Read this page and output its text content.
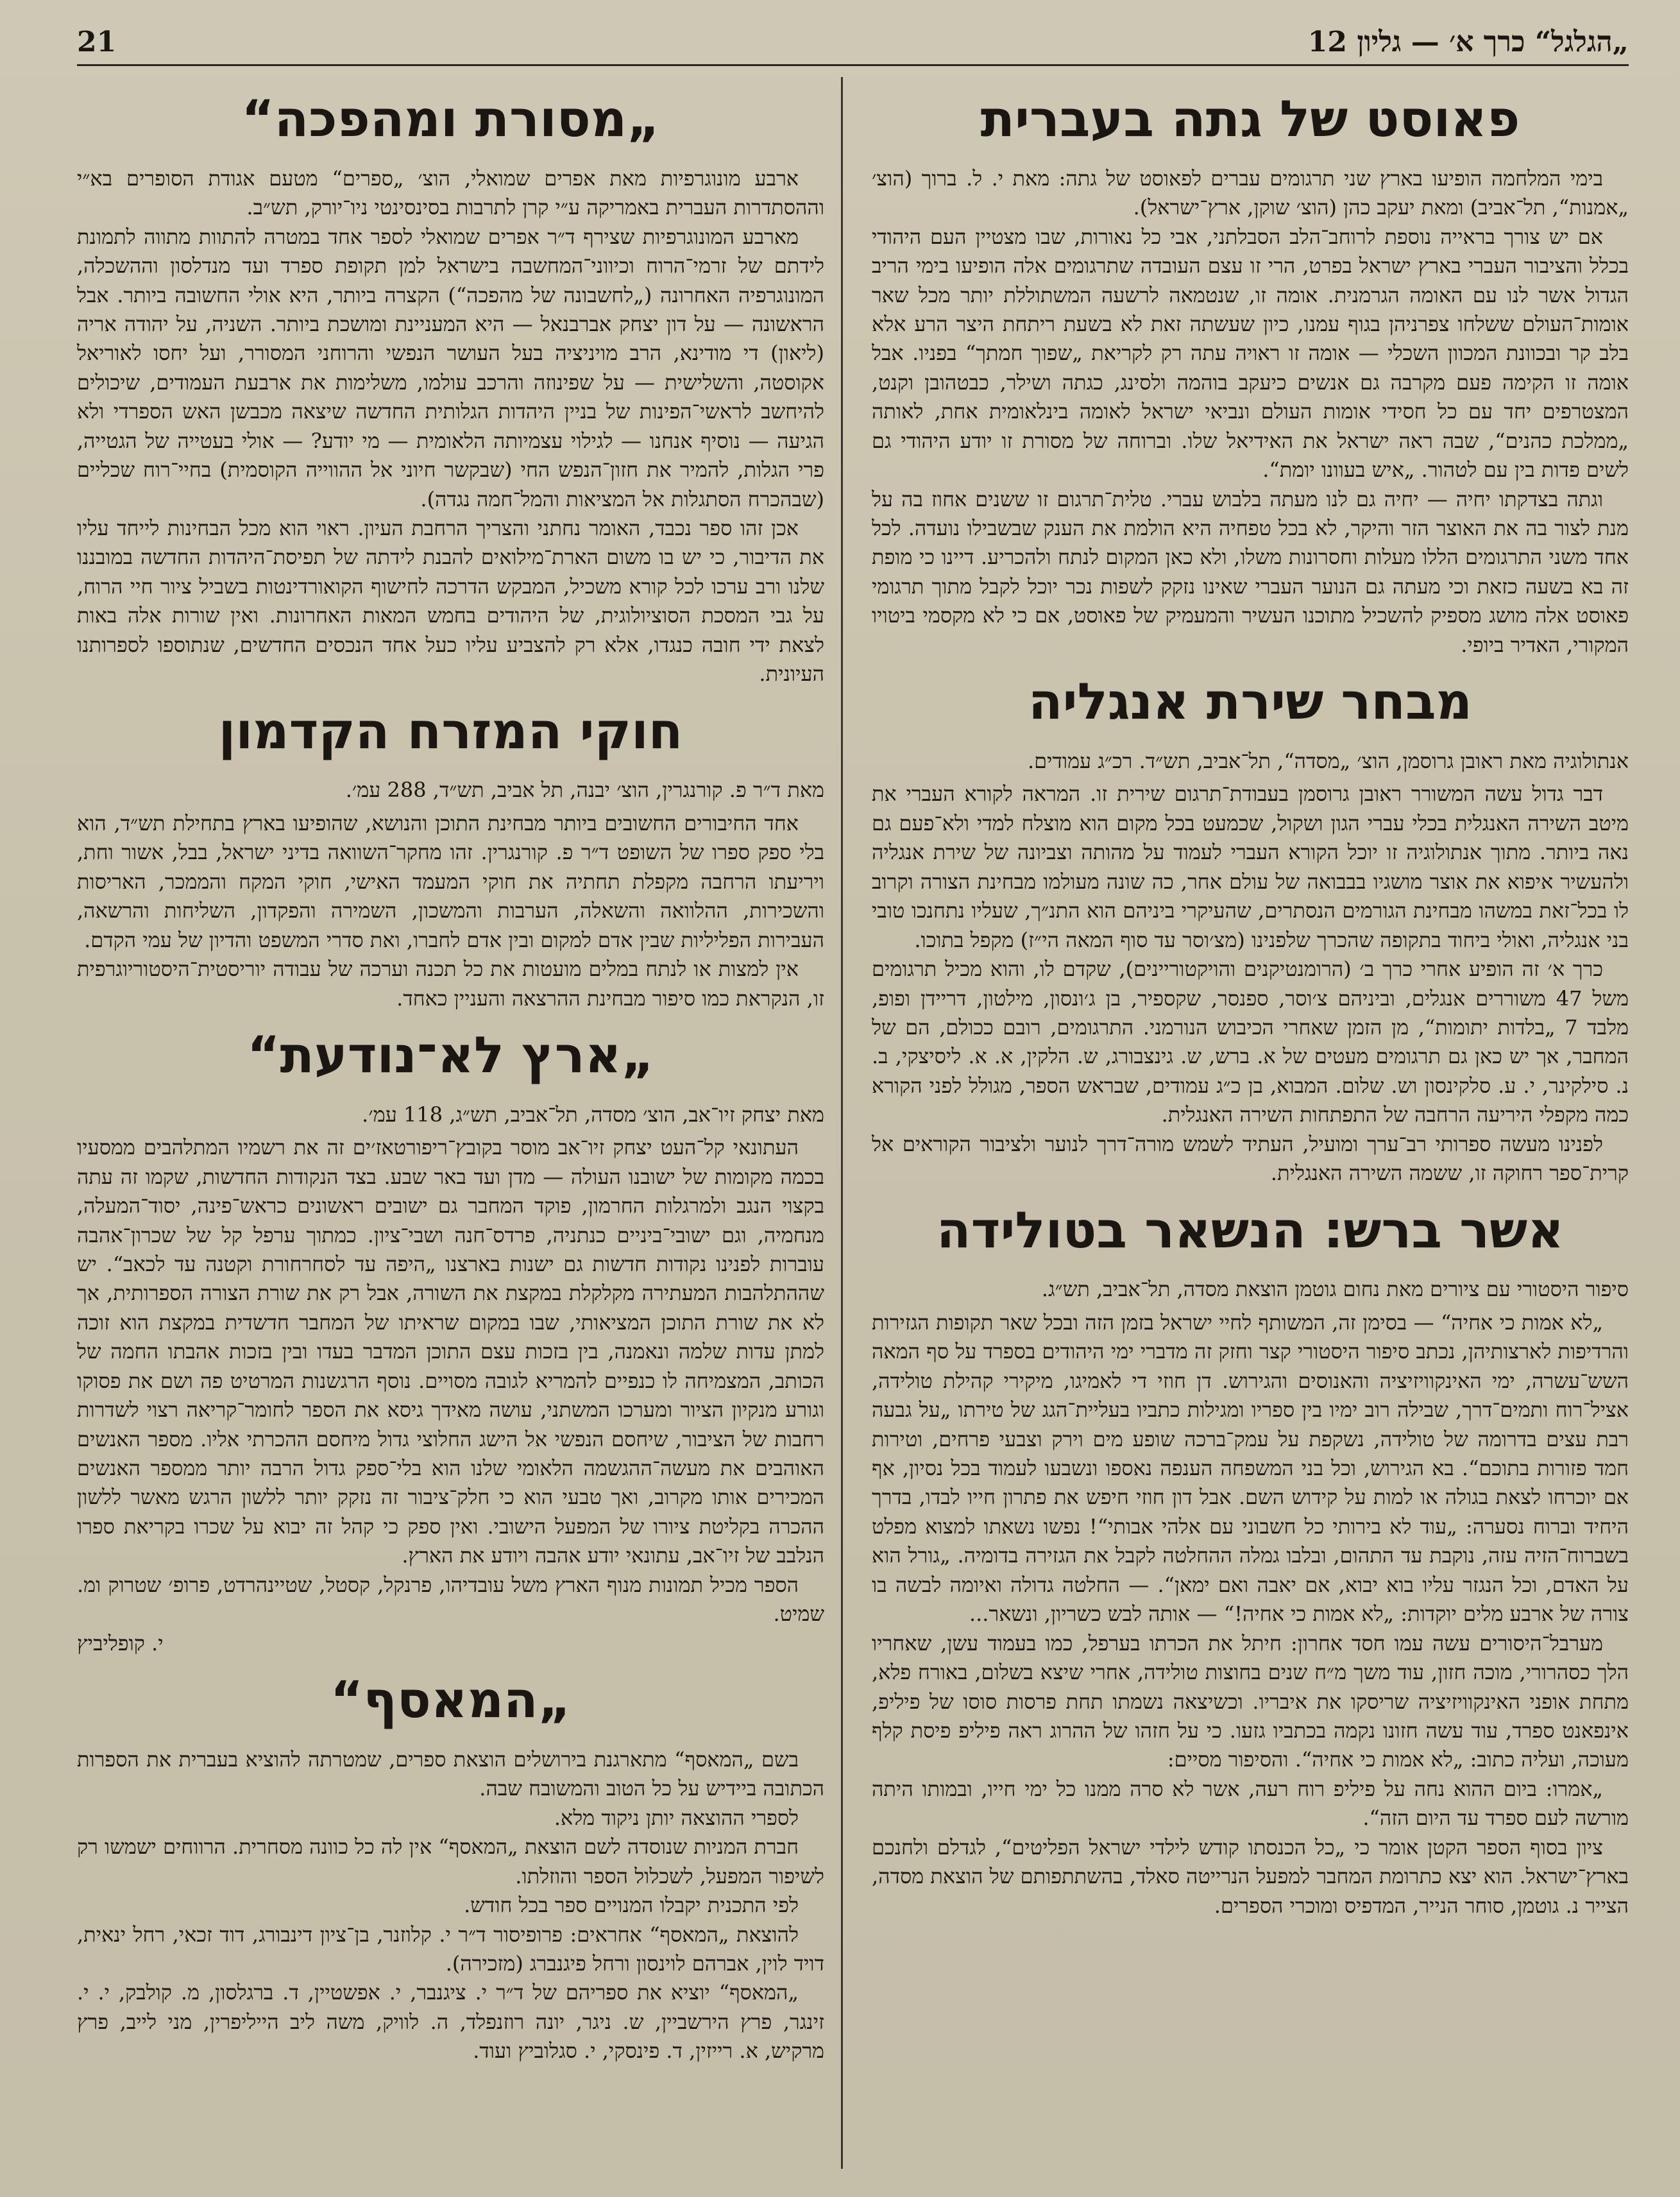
21	„הגלגל“ כרך א׳ — גליון 12
פאוסט של גתה בעברית

בימי המלחמה הופיעו בארץ שני תרגומים עברים לפאוסט של גתה: מאת י. ל. ברוך (הוצ׳ „אמנות“, תל־אביב) ומאת יעקב כהן (הוצ׳ שוקן, ארץ־ישראל).

אם יש צורך בראייה נוספת לרוחב־הלב הסבלתני, אבי כל נאורות, שבו מצטיין העם היהודי בכלל והציבור העברי בארץ ישראל בפרט, הרי זו עצם העובדה שתרגומים אלה הופיעו בימי הריב הגדול אשר לנו עם האומה הגרמנית. אומה זו, שנטמאה לרשעה המשתוללת יותר מכל שאר אומות־העולם ששלחו צפרניהן בגוף עמנו, כיון שעשתה זאת לא בשעת ריתחת היצר הרע אלא בלב קר ובכוונת המכוון השכלי — אומה זו ראויה עתה רק לקריאת „שפוך חמתך“ בפניו. אבל אומה זו הקימה פעם מקרבה גם אנשים כיעקב בוהמה ולסינג, כגתה ושילר, כבטהובן וקנט, המצטרפים יחד עם כל חסידי אומות העולם ונביאי ישראל לאומה בינלאומית אחת, לאותה „ממלכת כהנים“, שבה ראה ישראל את האידיאל שלו. וברוחה של מסורת זו יודע היהודי גם לשים פדות בין עם לטהור. „איש בעוונו יומת“.

וגתה בצדקתו יחיה — יחיה גם לנו מעתה בלבוש עברי. טלית־תרגום זו ששנים אחוז בה על מנת לצור בה את האוצר הזר והיקר, לא בכל טפחיה היא הולמת את הענק שבשבילו נועדה. לכל אחד משני התרגומים הללו מעלות וחסרונות משלו, ולא כאן המקום לנתח ולהכריע. דיינו כי מופת זה בא בשעה כזאת וכי מעתה גם הנוער העברי שאינו נזקק לשפות נכר יוכל לקבל מתוך תרגומי פאוסט אלה מושג מספיק להשכיל מתוכנו העשיר והמעמיק של פאוסט, אם כי לא מקסמי ביטויו המקורי, האדיר ביופי.

מבחר שירת אנגליה

אנתולוגיה מאת ראובן גרוסמן, הוצ׳ „מסדה“, תל־אביב, תש״ד. רכ״ג עמודים.

דבר גדול עשה המשורר ראובן גרוסמן בעבודת־תרגום שירית זו. המראה לקורא העברי את מיטב השירה האנגלית בכלי עברי הגון ושקול, שכמעט בכל מקום הוא מוצלח למדי ולא־פעם גם נאה ביותר. מתוך אנתולוגיה זו יוכל הקורא העברי לעמוד על מהותה וצביונה של שירת אנגליה ולהעשיר איפוא את אוצר מושגיו בבבואה של עולם אחר, כה שונה מעולמו מבחינת הצורה וקרוב לו בכל־זאת במשהו מבחינת הגורמים הנסתרים, שהעיקרי ביניהם הוא התנ״ך, שעליו נתחנכו טובי בני אנגליה, ואולי ביחוד בתקופה שהכרך שלפנינו (מצ׳וסר עד סוף המאה הי״ז) מקפל בתוכו.

כרך א׳ זה הופיע אחרי כרך ב׳ (הרומנטיקנים והויקטוריינים), שקדם לו, והוא מכיל תרגומים משל 47 משוררים אנגלים, וביניהם צ׳וסר, ספנסר, שקספיר, בן ג׳ונסון, מילטון, דריידן ופופ, מלבד 7 „בלדות יתומות“, מן הזמן שאחרי הכיבוש הנורמני. התרגומים, רובם ככולם, הם של המחבר, אך יש כאן גם תרגומים מעטים של א. ברש, ש. גינצבורג, ש. הלקין, א. א. ליסיצקי, ב. נ. סילקינר, י. ע. סלקינסון וש. שלום. המבוא, בן כ״ג עמודים, שבראש הספר, מגולל לפני הקורא כמה מקפלי היריעה הרחבה של התפתחות השירה האנגלית.

לפנינו מעשה ספרותי רב־ערך ומועיל, העתיד לשמש מורה־דרך לנוער ולציבור הקוראים אל קרית־ספר רחוקה זו, ששמה השירה האנגלית.

אשר ברש: הנשאר בטולידה

סיפור היסטורי עם ציורים מאת נחום גוטמן הוצאת מסדה, תל־אביב, תש״ג.

„לא אמות כי אחיה“ — בסימן זה, המשותף לחיי ישראל בזמן הזה ובכל שאר תקופות הגזירות והרדיפות לארצותיהן, נכתב סיפור היסטורי קצר וחזק זה מדברי ימי היהודים בספרד על סף המאה השש־עשרה, ימי האינקוויזיציה והאנוסים והגירוש. דן חוזי די לאמיגו, מיקירי קהילת טולידה, אציל־רוח ותמים־דרך, שבילה רוב ימיו בין ספריו ומגילות כתביו בעליית־הגג של טירתו „על גבעה רבת עצים בדרומה של טולידה, נשקפת על עמק־ברכה שופע מים וירק וצבעי פרחים, וטירות חמד פזורות בתוכם“. בא הגירוש, וכל בני המשפחה הענפה נאספו ונשבעו לעמוד בכל נסיון, אף אם יוכרחו לצאת בגולה או למות על קידוש השם. אבל דון חוזי חיפש את פתרון חייו לבדו, בדרך היחיד וברוח נסערה: „עוד לא בירותי כל חשבוני עם אלהי אבותי“! נפשו נשאתו למצוא מפלט בשברוח־הזיה עזה, נוקבת עד התהום, ובלבו גמלה ההחלטה לקבל את הגזירה בדומיה. „גורל הוא על האדם, וכל הנגזר עליו בוא יבוא, אם יאבה ואם ימאן“. — החלטה גדולה ואיומה לבשה בו צורה של ארבע מלים יוקדות: „לא אמות כי אחיה!“ — אותה לבש כשריון, ונשאר...

מערבל־היסורים עשה עמו חסד אחרון: חיתל את הכרתו בערפל, כמו בעמוד עשן, שאחריו הלך כסהרורי, מוכה חזון, עוד משך מ״ח שנים בחוצות טולידה, אחרי שיצא בשלום, באורח פלא, מתחת אופני האינקוויזיציה שריסקו את איבריו. וכשיצאה נשמתו תחת פרסות סוסו של פיליפ, אינפאנט ספרד, עוד עשה חזונו נקמה בכתביו גזעו. כי על חזהו של ההרוג ראה פיליפ פיסת קלף מעוכה, ועליה כתוב: „לא אמות כי אחיה“. והסיפור מסיים:

„אמרו: ביום ההוא נחה על פיליפ רוח רעה, אשר לא סרה ממנו כל ימי חייו, ובמותו היתה מורשה לעם ספרד עד היום הזה“.

ציון בסוף הספר הקטן אומר כי „כל הכנסתו קודש לילדי ישראל הפליטים“, לגדלם ולחנכם בארץ־ישראל. הוא יצא כתרומת המחבר למפעל הנרייטה סאלד, בהשתתפותם של הוצאת מסדה, הצייר נ. גוטמן, סוחר הנייר, המדפיס ומוכרי הספרים.

„מסורת ומהפכה“

ארבע מונוגרפיות מאת אפרים שמואלי, הוצ׳ „ספרים“ מטעם אגודת הסופרים בא״י וההסתדרות העברית באמריקה ע״י קרן לתרבות בסינסינטי ניו־יורק, תש״ב.

מארבע המונוגרפיות שצירף ד״ר אפרים שמואלי לספר אחד במטרה להתוות מתווה לתמונת לידתם של זרמי־הרוח וכיווני־המחשבה בישראל למן תקופת ספרד ועד מנדלסון וההשכלה, המונוגרפיה האחרונה („לחשבונה של מהפכה“) הקצרה ביותר, היא אולי החשובה ביותר. אבל הראשונה — על דון יצחק אברבנאל — היא המעניינת ומושכת ביותר. השניה, על יהודה אריה (ליאון) די מודינא, הרב מויניציה בעל העושר הנפשי והרוחני המסורר, ועל יחסו לאוריאל אקוסטה, והשלישית — על שפינוזה והרכב עולמו, משלימות את ארבעת העמודים, שיכולים להיחשב לראשי־הפינות של בניין היהדות הגלותית החדשה שיצאה מכבשן האש הספרדי ולא הגיעה — נוסיף אנחנו — לגילוי עצמיותה הלאומית — מי יודע? — אולי בעטייה של הגטייה, פרי הגלות, להמיר את חזון־הנפש החי (שבקשר חיוני אל ההווייה הקוסמית) בחיי־רוח שכליים (שבהכרח הסתגלות אל המציאות והמל־חמה נגדה).

אכן זהו ספר נכבד, האומר נחתני והצריך הרחבת העיון. ראוי הוא מכל הבחינות לייחד עליו את הדיבור, כי יש בו משום הארת־מילואים להבנת לידתה של תפיסת־היהדות החדשה במובננו שלנו ורב ערכו לכל קורא משכיל, המבקש הדרכה לחישוף הקואורדינטות בשביל ציור חיי הרוח, על גבי המסכת הסוציולוגית, של היהודים בחמש המאות האחרונות. ואין שורות אלה באות לצאת ידי חובה כנגדו, אלא רק להצביע עליו כעל אחד הנכסים החדשים, שנתוספו לספרותנו העיונית.

חוקי המזרח הקדמון

מאת ד״ר פ. קורנגרין, הוצ׳ יבנה, תל אביב, תש״ד, 288 עמ׳.

אחד החיבורים החשובים ביותר מבחינת התוכן והנושא, שהופיעו בארץ בתחילת תש״ד, הוא בלי ספק ספרו של השופט ד״ר פ. קורנגרין. זהו מחקר־השוואה בדיני ישראל, בבל, אשור וחת, ויריעתו הרחבה מקפלת תחתיה את חוקי המעמד האישי, חוקי המקח והממכר, האריסות והשכירות, ההלוואה והשאלה, הערבות והמשכון, השמירה והפקדון, השליחות והרשאה, העבירות הפליליות שבין אדם למקום ובין אדם לחברו, ואת סדרי המשפט והדיון של עמי הקדם.

אין למצות או לנתח במלים מועטות את כל תכנה וערכה של עבודה יוריסטית־היסטוריוגרפית זו, הנקראת כמו סיפור מבחינת ההרצאה והעניין כאחד.

„ארץ לא־נודעת“

מאת יצחק זיו־אב, הוצ׳ מסדה, תל־אביב, תש״ג, 118 עמ׳.

העתונאי קל־העט יצחק זיו־אב מוסר בקובץ־ריפורטאז׳ים זה את רשמיו המתלהבים ממסעיו בכמה מקומות של ישובנו העולה — מדן ועד באר שבע. בצד הנקודות החדשות, שקמו זה עתה בקצוי הנגב ולמרגלות החרמון, פוקד המחבר גם ישובים ראשונים כראש־פינה, יסוד־המעלה, מנחמיה, וגם ישובי־ביניים כנתניה, פרדס־חנה ושבי־ציון. כמתוך ערפל קל של שכרון־אהבה עוברות לפנינו נקודות חדשות גם ישנות בארצנו „היפה עד לסחרחורת וקטנה עד לכאב“. יש שההתלהבות המעתירה מקלקלת במקצת את השורה, אבל רק את שורת הצורה הספרותית, אך לא את שורת התוכן המציאותי, שבו במקום שראיתו של המחבר חדשדית במקצת הוא זוכה למתן עדות שלמה ונאמנה, בין בזכות עצם התוכן המדבר בעדו ובין בזכות אהבתו החמה של הכותב, המצמיחה לו כנפיים להמריא לגובה מסויים. נוסף הרגשנות המרטיט פה ושם את פסוקו וגורע מנקיון הציור ומערכו המשתני, עושה מאידך גיסא את הספר לחומר־קריאה רצוי לשדרות רחבות של הציבור, שיחסם הנפשי אל הישג החלוצי גדול מיחסם ההכרתי אליו. מספר האנשים האוהבים את מעשה־ההגשמה הלאומי שלנו הוא בלי־ספק גדול הרבה יותר ממספר האנשים המכירים אותו מקרוב, ואך טבעי הוא כי חלק־ציבור זה נזקק יותר ללשון הרגש מאשר ללשון ההכרה בקליטת ציורו של המפעל הישובי. ואין ספק כי קהל זה יבוא על שכרו בקריאת ספרו הנלבב של זיו־אב, עתונאי יודע אהבה ויודע את הארץ.

הספר מכיל תמונות מנוף הארץ משל עובדיהו, פרנקל, קסטל, שטיינהרדט, פרופ׳ שטרוק ומ. שמיט.

י. קופליביץ

„המאסף“

בשם „המאסף“ מתארגנת בירושלים הוצאת ספרים, שמטרתה להוציא בעברית את הספרות הכתובה ביידיש על כל הטוב והמשובח שבה.

לספרי ההוצאה יותן ניקוד מלא.

חברת המניות שנוסדה לשם הוצאת „המאסף“ אין לה כל כוונה מסחרית. הרווחים ישמשו רק לשיפור המפעל, לשכלול הספר והוזלתו.

לפי התכנית יקבלו המנויים ספר בכל חודש.

להוצאת „המאסף“ אחראים: פרופיסור ד״ר י. קלוזנר, בן־ציון דינבורג, דוד זכאי, רחל ינאית, דויד לוין, אברהם לוינסון ורחל פיגנברג (מזכירה).

„המאסף“ יוציא את ספריהם של ד״ר י. ציגנבר, י. אפשטיין, ד. ברגלסון, מ. קולבק, י. י. זינגר, פרץ הירשביין, ש. ניגר, יונה רוזנפלד, ה. לוויק, משה ליב הייליפרין, מני לייב, פרץ מרקיש, א. רייזין, ד. פינסקי, י. סגלוביץ ועוד.
